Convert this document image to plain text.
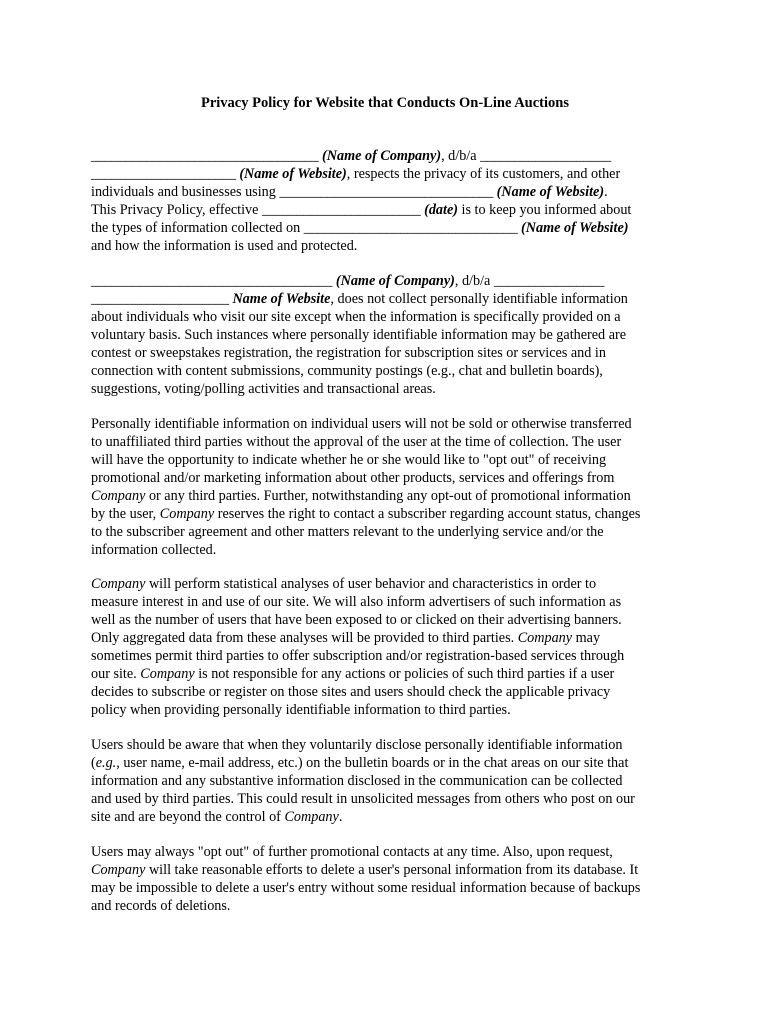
Privacy Policy for Website that Conducts On-Line Auctions
_________________________________ (Name of Company), d/b/a ___________________
_____________________ (Name of Website), respects the privacy of its customers, and other
individuals and businesses using _______________________________ (Name of Website).
This Privacy Policy, effective _______________________ (date) is to keep you informed about
the types of information collected on _______________________________ (Name of Website)
and how the information is used and protected.
___________________________________ (Name of Company), d/b/a ________________
____________________ Name of Website, does not collect personally identifiable information
about individuals who visit our site except when the information is specifically provided on a
voluntary basis. Such instances where personally identifiable information may be gathered are
contest or sweepstakes registration, the registration for subscription sites or services and in
connection with content submissions, community postings (e.g., chat and bulletin boards),
suggestions, voting/polling activities and transactional areas.
Personally identifiable information on individual users will not be sold or otherwise transferred
to unaffiliated third parties without the approval of the user at the time of collection. The user
will have the opportunity to indicate whether he or she would like to "opt out" of receiving
promotional and/or marketing information about other products, services and offerings from
Company or any third parties. Further, notwithstanding any opt-out of promotional information
by the user, Company reserves the right to contact a subscriber regarding account status, changes
to the subscriber agreement and other matters relevant to the underlying service and/or the
information collected.
Company will perform statistical analyses of user behavior and characteristics in order to
measure interest in and use of our site. We will also inform advertisers of such information as
well as the number of users that have been exposed to or clicked on their advertising banners.
Only aggregated data from these analyses will be provided to third parties. Company may
sometimes permit third parties to offer subscription and/or registration-based services through
our site. Company is not responsible for any actions or policies of such third parties if a user
decides to subscribe or register on those sites and users should check the applicable privacy
policy when providing personally identifiable information to third parties.
Users should be aware that when they voluntarily disclose personally identifiable information
(e.g., user name, e-mail address, etc.) on the bulletin boards or in the chat areas on our site that
information and any substantive information disclosed in the communication can be collected
and used by third parties. This could result in unsolicited messages from others who post on our
site and are beyond the control of Company.
Users may always "opt out" of further promotional contacts at any time. Also, upon request,
Company will take reasonable efforts to delete a user's personal information from its database. It
may be impossible to delete a user's entry without some residual information because of backups
and records of deletions.
